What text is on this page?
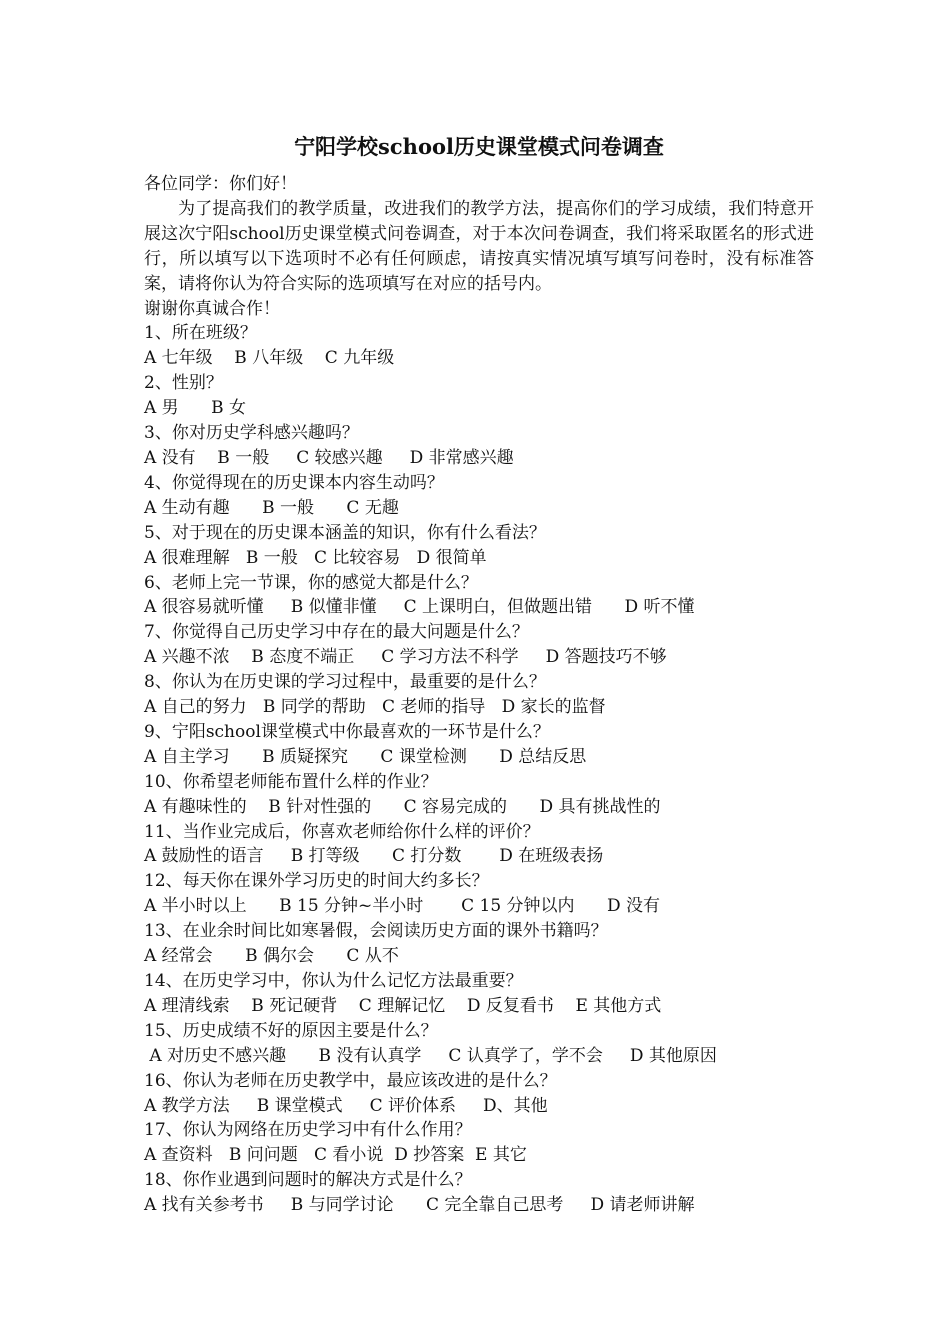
宁阳学校school历史课堂模式问卷调查
各位同学：你们好！
为了提高我们的教学质量，改进我们的教学方法，提高你们的学习成绩，我们特意开展这次宁阳school历史课堂模式问卷调查，对于本次问卷调查，我们将采取匿名的形式进行，所以填写以下选项时不必有任何顾虑，请按真实情况填写填写问卷时，没有标准答案，请将你认为符合实际的选项填写在对应的括号内。
谢谢你真诚合作！
1、所在班级？
A 七年级    B 八年级    C 九年级
2、性别？
A 男      B 女
3、你对历史学科感兴趣吗？
A 没有    B 一般     C 较感兴趣     D 非常感兴趣
4、你觉得现在的历史课本内容生动吗？
A 生动有趣      B 一般      C 无趣
5、对于现在的历史课本涵盖的知识，你有什么看法？
A 很难理解   B 一般   C 比较容易   D 很简单
6、老师上完一节课，你的感觉大都是什么？
A 很容易就听懂     B 似懂非懂     C 上课明白，但做题出错      D 听不懂
7、你觉得自己历史学习中存在的最大问题是什么？
A 兴趣不浓    B 态度不端正     C 学习方法不科学     D 答题技巧不够
8、你认为在历史课的学习过程中，最重要的是什么？
A 自己的努力   B 同学的帮助   C 老师的指导   D 家长的监督
9、宁阳school课堂模式中你最喜欢的一环节是什么？
A 自主学习      B 质疑探究      C 课堂检测      D 总结反思
10、你希望老师能布置什么样的作业？
A 有趣味性的    B 针对性强的      C 容易完成的      D 具有挑战性的
11、当作业完成后，你喜欢老师给你什么样的评价？
A 鼓励性的语言     B 打等级      C 打分数       D 在班级表扬
12、每天你在课外学习历史的时间大约多长？
A 半小时以上      B 15 分钟~半小时       C 15 分钟以内      D 没有
13、在业余时间比如寒暑假，会阅读历史方面的课外书籍吗？
A 经常会      B 偶尔会      C 从不
14、在历史学习中，你认为什么记忆方法最重要？
A 理清线索    B 死记硬背    C 理解记忆    D 反复看书    E 其他方式
15、历史成绩不好的原因主要是什么？
A 对历史不感兴趣      B 没有认真学     C 认真学了，学不会     D 其他原因
16、你认为老师在历史教学中，最应该改进的是什么？
A 教学方法     B 课堂模式     C 评价体系     D、其他
17、你认为网络在历史学习中有什么作用？
A 查资料   B 问问题   C 看小说  D 抄答案  E 其它
18、你作业遇到问题时的解决方式是什么？
A 找有关参考书     B 与同学讨论      C 完全靠自己思考     D 请老师讲解
